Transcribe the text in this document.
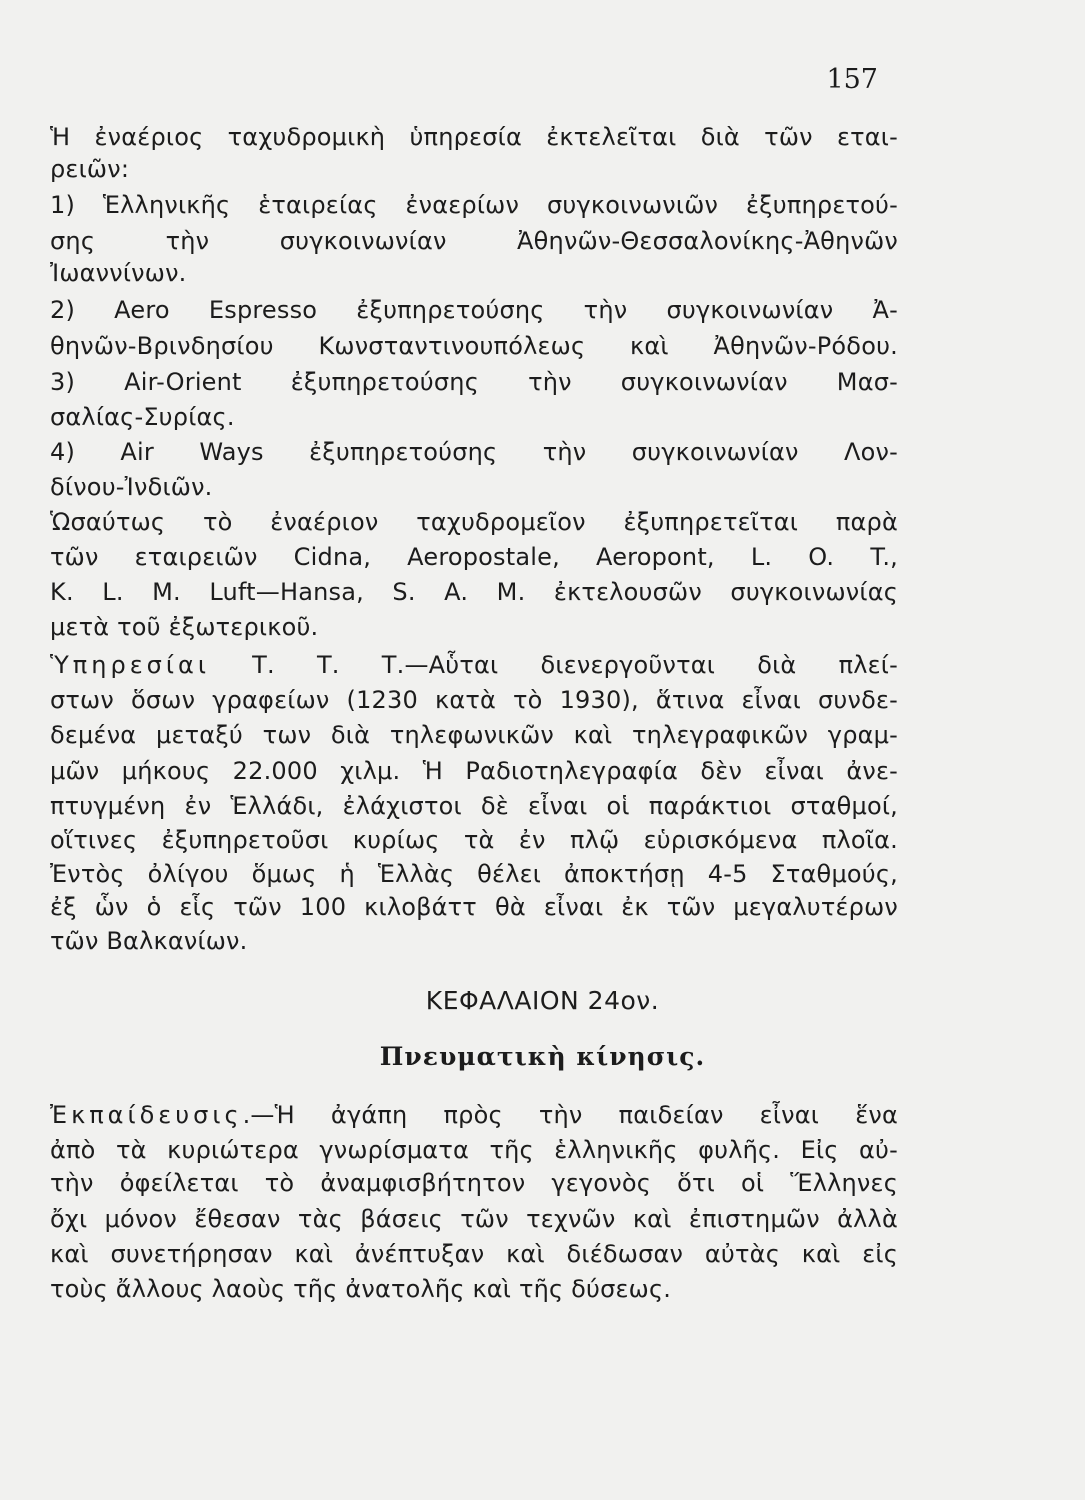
157
Ἡ ἐναέριος ταχυδρομικὴ ὑπηρεσία ἐκτελεῖται διὰ τῶν εται-
ρειῶν:
1) Ἑλληνικῆς ἑταιρείας ἐναερίων συγκοινωνιῶν ἐξυπηρετού-
σης τὴν συγκοινωνίαν Ἀθηνῶν-Θεσσαλονίκης-Ἀθηνῶν
Ἰωαννίνων.
2) Aero Espresso ἐξυπηρετούσης τὴν συγκοινωνίαν Ἀ-
θηνῶν-Βρινδησίου Κωνσταντινουπόλεως καὶ Ἀθηνῶν-Ρόδου.
3) Air-Orient ἐξυπηρετούσης τὴν συγκοινωνίαν Μασ-
σαλίας-Συρίας.
4) Air Ways ἐξυπηρετούσης τὴν συγκοινωνίαν Λον-
δίνου-Ἰνδιῶν.
Ὡσαύτως τὸ ἐναέριον ταχυδρομεῖον ἐξυπηρετεῖται παρὰ
τῶν εταιρειῶν Cidna, Aeropostale, Aeropont, L. O. T.,
K. L. M. Luft—Hansa, S. A. M. ἐκτελουσῶν συγκοινωνίας
μετὰ τοῦ ἐξωτερικοῦ.
Ὑπηρεσίαι Τ. Τ. Τ.—Αὗται διενεργοῦνται διὰ πλεί-
στων ὅσων γραφείων (1230 κατὰ τὸ 1930), ἅτινα εἶναι συνδε-
δεμένα μεταξύ των διὰ τηλεφωνικῶν καὶ τηλεγραφικῶν γραμ-
μῶν μήκους 22.000 χιλμ. Ἡ Ραδιοτηλεγραφία δὲν εἶναι ἀνε-
πτυγμένη ἐν Ἑλλάδι, ἐλάχιστοι δὲ εἶναι οἱ παράκτιοι σταθμοί,
οἵτινες ἐξυπηρετοῦσι κυρίως τὰ ἐν πλῷ εὑρισκόμενα πλοῖα.
Ἐντὸς ὀλίγου ὅμως ἡ Ἑλλὰς θέλει ἀποκτήσῃ 4-5 Σταθμούς,
ἐξ ὧν ὁ εἷς τῶν 100 κιλοβάττ θὰ εἶναι ἐκ τῶν μεγαλυτέρων
τῶν Βαλκανίων.
ΚΕΦΑΛΑΙΟΝ 24ον.
Πνευματικὴ κίνησις.
Ἐκπαίδευσις.—Ἡ ἀγάπη πρὸς τὴν παιδείαν εἶναι ἕνα
ἀπὸ τὰ κυριώτερα γνωρίσματα τῆς ἑλληνικῆς φυλῆς. Εἰς αὐ-
τὴν ὀφείλεται τὸ ἀναμφισβήτητον γεγονὸς ὅτι οἱ Ἕλληνες
ὄχι μόνον ἔθεσαν τὰς βάσεις τῶν τεχνῶν καὶ ἐπιστημῶν ἀλλὰ
καὶ συνετήρησαν καὶ ἀνέπτυξαν καὶ διέδωσαν αὐτὰς καὶ εἰς
τοὺς ἄλλους λαοὺς τῆς ἀνατολῆς καὶ τῆς δύσεως.
